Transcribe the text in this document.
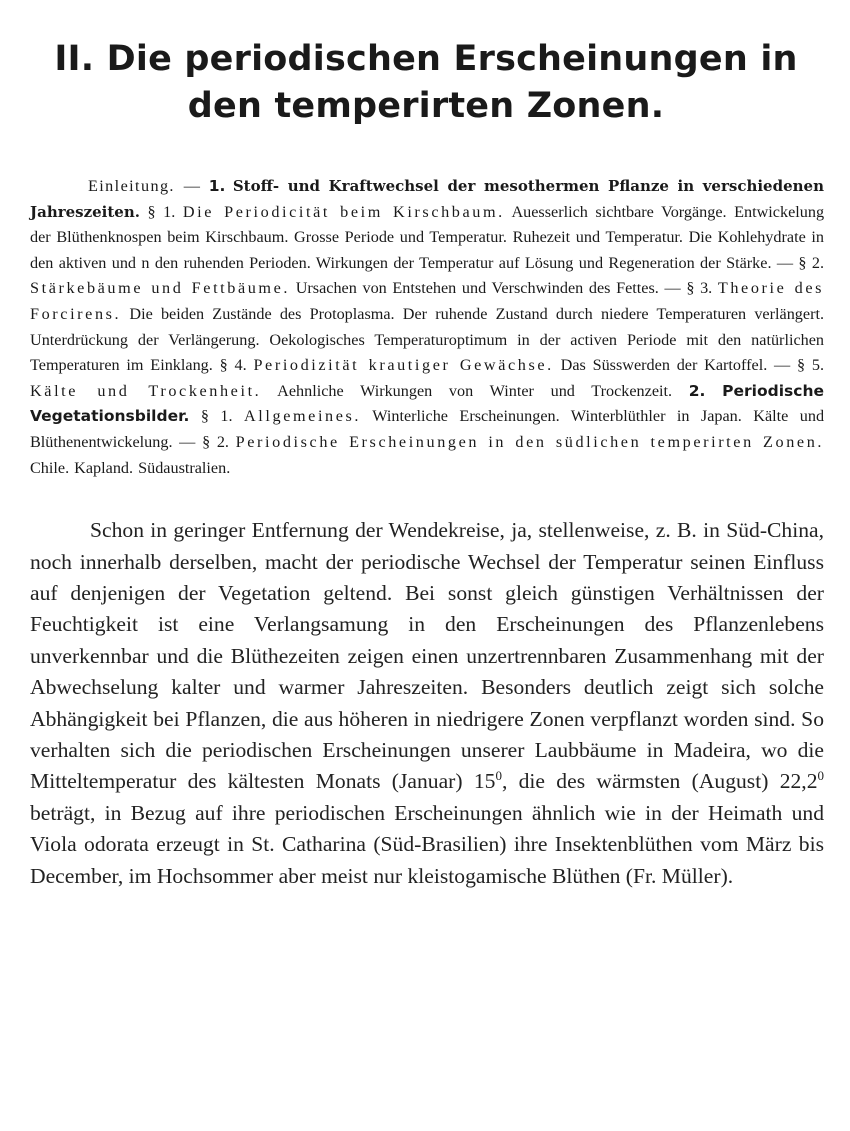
II. Die periodischen Erscheinungen in den temperirten Zonen.

Einleitung. — 1. Stoff- und Kraftwechsel der mesothermen Pflanze in verschiedenen Jahreszeiten. § 1. Die Periodicität beim Kirschbaum. Auesserlich sichtbare Vorgänge. Entwickelung der Blüthenknospen beim Kirschbaum. Grosse Periode und Temperatur. Ruhezeit und Temperatur. Die Kohlehydrate in den aktiven und n den ruhenden Perioden. Wirkungen der Temperatur auf Lösung und Regeneration der Stärke. — § 2. Stärkebäume und Fettbäume. Ursachen von Entstehen und Verschwinden des Fettes. — § 3. Theorie des Forcirens. Die beiden Zustände des Protoplasma. Der ruhende Zustand durch niedere Temperaturen verlängert. Unterdrückung der Verlängerung. Oekologisches Temperaturoptimum in der activen Periode mit den natürlichen Temperaturen im Einklang. § 4. Periodizität krautiger Gewächse. Das Süsswerden der Kartoffel. — § 5. Kälte und Trockenheit. Aehnliche Wirkungen von Winter und Trockenzeit. 2. Periodische Vegetationsbilder. § 1. Allgemeines. Winterliche Erscheinungen. Winterblüthler in Japan. Kälte und Blüthenentwickelung. — § 2. Periodische Erscheinungen in den südlichen temperirten Zonen. Chile. Kapland. Südaustralien.

Schon in geringer Entfernung der Wendekreise, ja, stellenweise, z. B. in Süd-China, noch innerhalb derselben, macht der periodische Wechsel der Temperatur seinen Einfluss auf denjenigen der Vegetation geltend. Bei sonst gleich günstigen Verhältnissen der Feuchtigkeit ist eine Verlangsamung in den Erscheinungen des Pflanzenlebens unverkennbar und die Blüthezeiten zeigen einen unzertrennbaren Zusammenhang mit der Abwechselung kalter und warmer Jahreszeiten. Besonders deutlich zeigt sich solche Abhängigkeit bei Pflanzen, die aus höheren in niedrigere Zonen verpflanzt worden sind. So verhalten sich die periodischen Erscheinungen unserer Laubbäume in Madeira, wo die Mitteltemperatur des kältesten Monats (Januar) $15^0$, die des wärmsten (August) 22,2$^0$ beträgt, in Bezug auf ihre periodischen Erscheinungen ähnlich wie in der Heimath und Viola odorata erzeugt in St. Catharina (Süd-Brasilien) ihre Insektenblüthen vom März bis December, im Hochsommer aber meist nur kleistogamische Blüthen (Fr. Müller).
